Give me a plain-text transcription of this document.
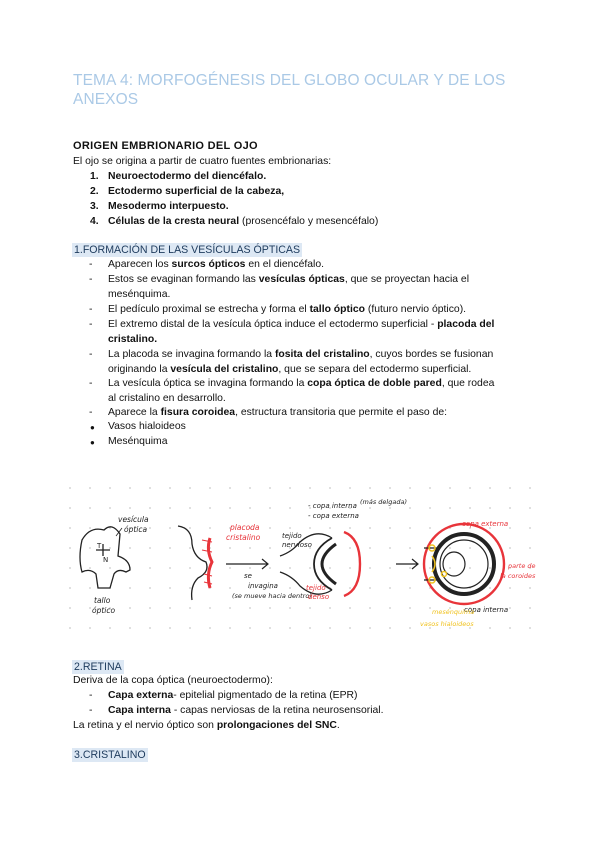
TEMA 4: MORFOGÉNESIS DEL GLOBO OCULAR Y DE LOS ANEXOS
ORIGEN EMBRIONARIO DEL OJO
El ojo se origina a partir de cuatro fuentes embrionarias:
1. Neuroectodermo del diencéfalo.
2. Ectodermo superficial de la cabeza,
3. Mesodermo interpuesto.
4. Células de la cresta neural (prosencéfalo y mesencéfalo)
1.FORMACIÓN DE LAS VESÍCULAS ÓPTICAS
- Aparecen los surcos ópticos en el diencéfalo.
- Estos se evaginan formando las vesículas ópticas, que se proyectan hacia el
mesénquima.
- El pedículo proximal se estrecha y forma el tallo óptico (futuro nervio óptico).
- El extremo distal de la vesícula óptica induce el ectodermo superficial - placoda del
cristalino.
- La placoda se invagina formando la fosita del cristalino, cuyos bordes se fusionan
originando la vesícula del cristalino, que se separa del ectodermo superficial.
- La vesícula óptica se invagina formando la copa óptica de doble pared, que rodea
al cristalino en desarrollo.
- Aparece la fisura coroidea, estructura transitoria que permite el paso de:
● Vasos hialoideos
● Mesénquima
T
N
vesícula
óptica
tallo
óptico
placoda
cristalino
se
invagina
(se mueve hacia dentro)
tejido
nervioso
- copa interna
- copa externa
(más delgada)
tejido
denso
copa externa
parte de
la coroides
copa interna
mesénquima
vasos hialoideos
2.RETINA
Deriva de la copa óptica (neuroectodermo):
- Capa externa- epitelial pigmentado de la retina (EPR)
- Capa interna - capas nerviosas de la retina neurosensorial.
La retina y el nervio óptico son prolongaciones del SNC.
3.CRISTALINO
